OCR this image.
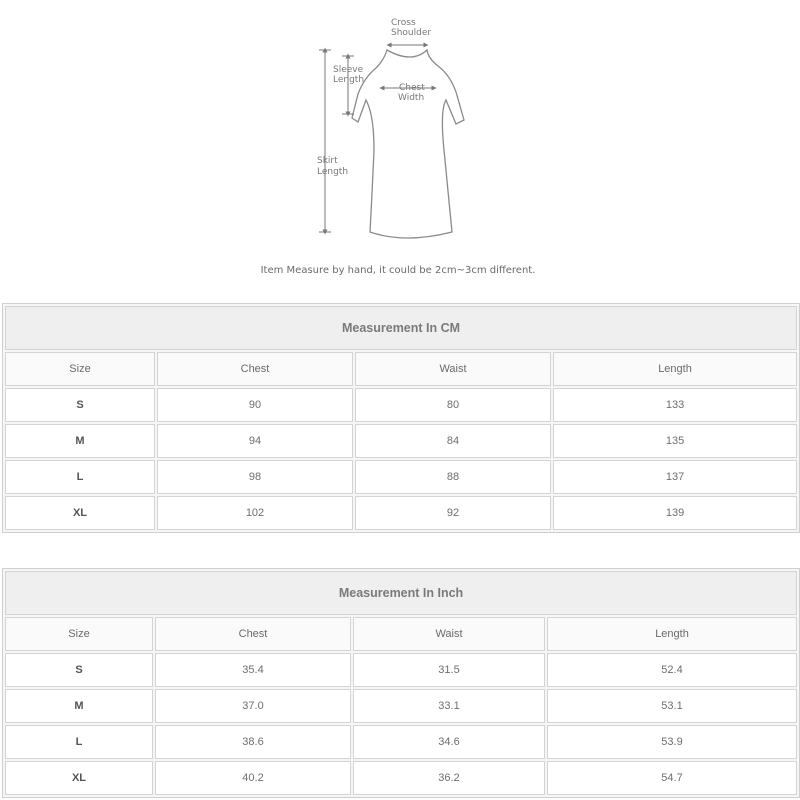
Cross
Shoulder
Sleeve
Length
Chest
Width
Skirt
Length
Item Measure by hand, it could be 2cm~3cm different.
Measurement In CM			
Size	Chest	Waist	Length
S	90	80	133
M	94	84	135
L	98	88	137
XL	102	92	139
Measurement In Inch			
Size	Chest	Waist	Length
S	35.4	31.5	52.4
M	37.0	33.1	53.1
L	38.6	34.6	53.9
XL	40.2	36.2	54.7
